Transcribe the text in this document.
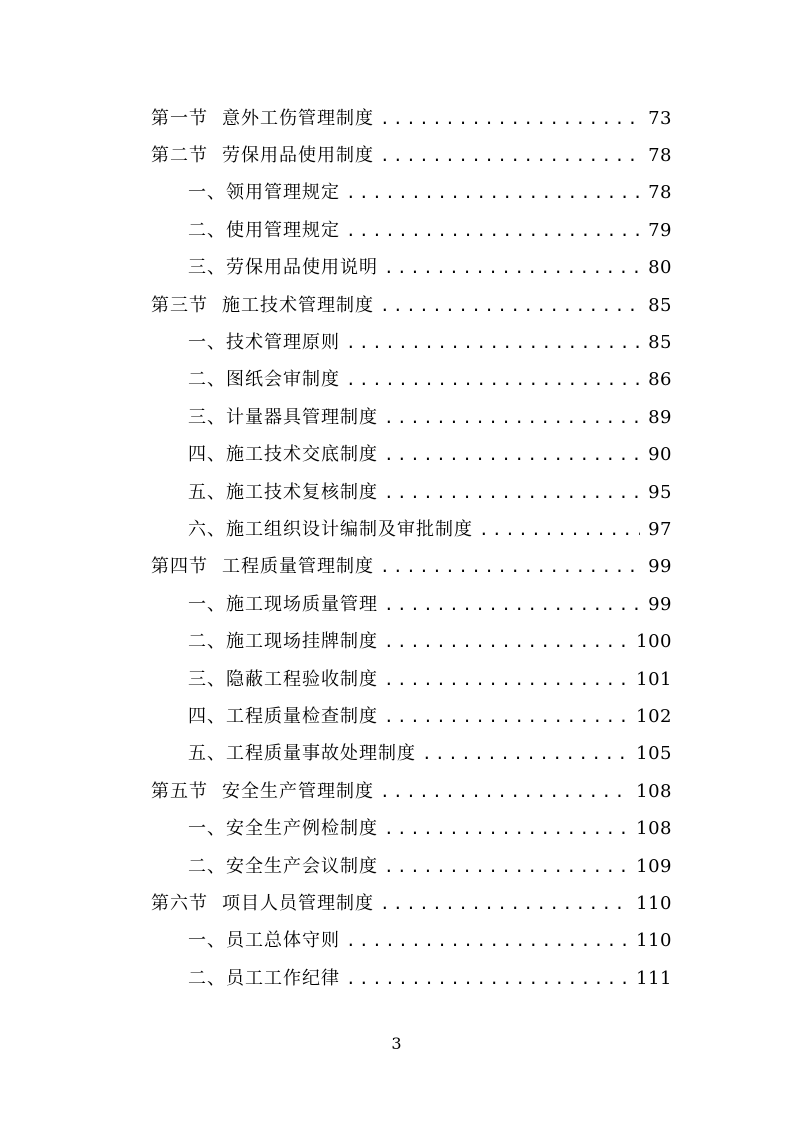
第一节 意外工伤管理制度 .....	73
第二节 劳保用品使用制度 .....	78
一、 领用管理规定 .....	78
二、 使用管理规定 .....	79
三、 劳保用品使用说明 .....	80
第三节 施工技术管理制度 .....	85
一、 技术管理原则 .....	85
二、 图纸会审制度 .....	86
三、 计量器具管理制度 .....	89
四、 施工技术交底制度 .....	90
五、 施工技术复核制度 .....	95
六、 施工组织设计编制及审批制度 .....	97
第四节 工程质量管理制度 .....	99
一、 施工现场质量管理 .....	99
二、 施工现场挂牌制度 .....	100
三、 隐蔽工程验收制度 .....	101
四、 工程质量检查制度 .....	102
五、 工程质量事故处理制度 .....	105
第五节 安全生产管理制度 .....	108
一、 安全生产例检制度 .....	108
二、 安全生产会议制度 .....	109
第六节 项目人员管理制度 .....	110
一、 员工总体守则 .....	110
二、 员工工作纪律 .....	111
3
